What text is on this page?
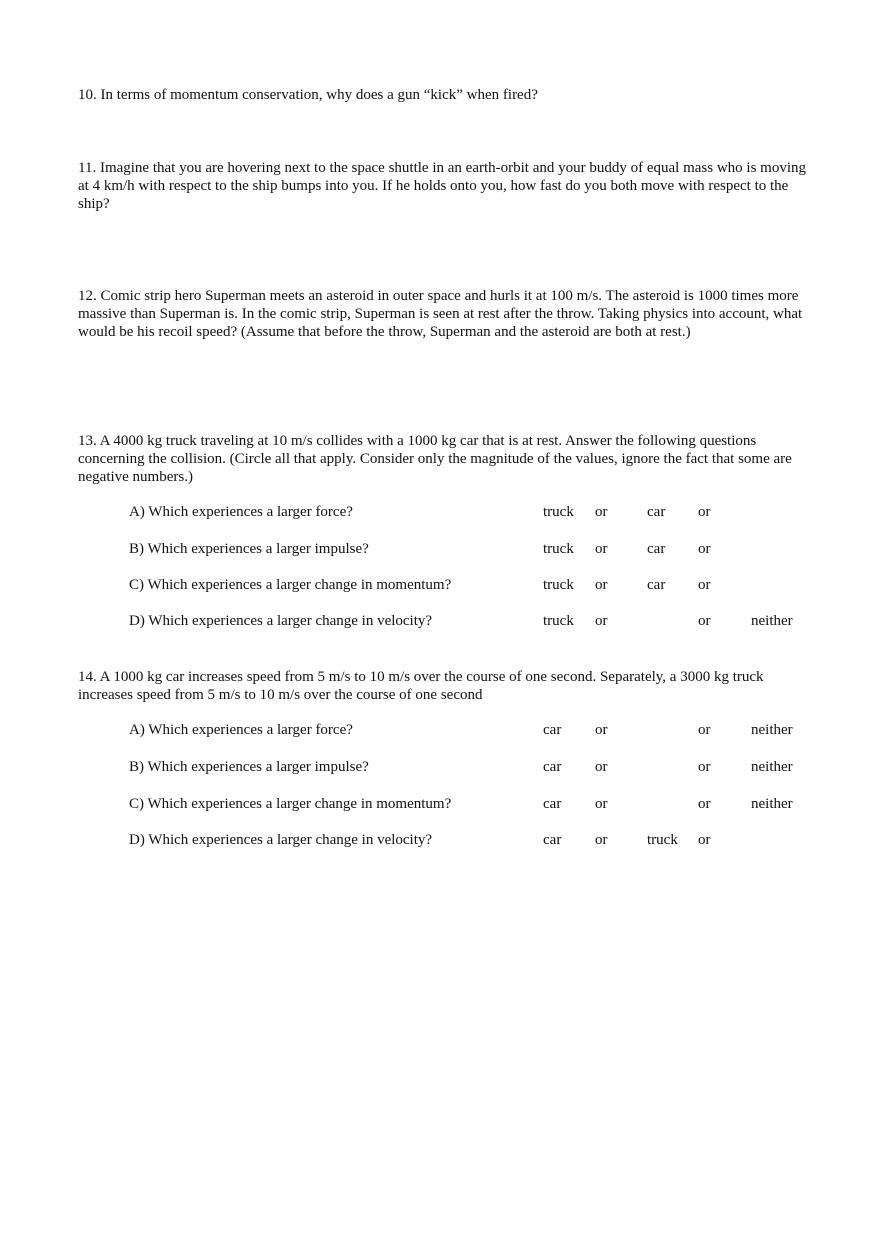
10. In terms of momentum conservation, why does a gun “kick” when fired?
11. Imagine that you are hovering next to the space shuttle in an earth-orbit and your buddy of equal mass who is moving at 4 km/h with respect to the ship bumps into you. If he holds onto you, how fast do you both move with respect to the ship?
12. Comic strip hero Superman meets an asteroid in outer space and hurls it at 100 m/s. The asteroid is 1000 times more massive than Superman is. In the comic strip, Superman is seen at rest after the throw. Taking physics into account, what would be his recoil speed? (Assume that before the throw, Superman and the asteroid are both at rest.)
13. A 4000 kg truck traveling at 10 m/s collides with a 1000 kg car that is at rest. Answer the following questions concerning the collision. (Circle all that apply. Consider only the magnitude of the values, ignore the fact that some are negative numbers.)
A) Which experiences a larger force?	truck or	car or
B) Which experiences a larger impulse?	truck or	car or
C) Which experiences a larger change in momentum?	truck or	car or
D) Which experiences a larger change in velocity?	truck or	or	neither
14. A 1000 kg car increases speed from 5 m/s to 10 m/s over the course of one second. Separately, a 3000 kg truck increases speed from 5 m/s to 10 m/s over the course of one second
A) Which experiences a larger force?	car or	or	neither
B) Which experiences a larger impulse?	car or	or	neither
C) Which experiences a larger change in momentum?	car or	or	neither
D) Which experiences a larger change in velocity?	car or	truck or
